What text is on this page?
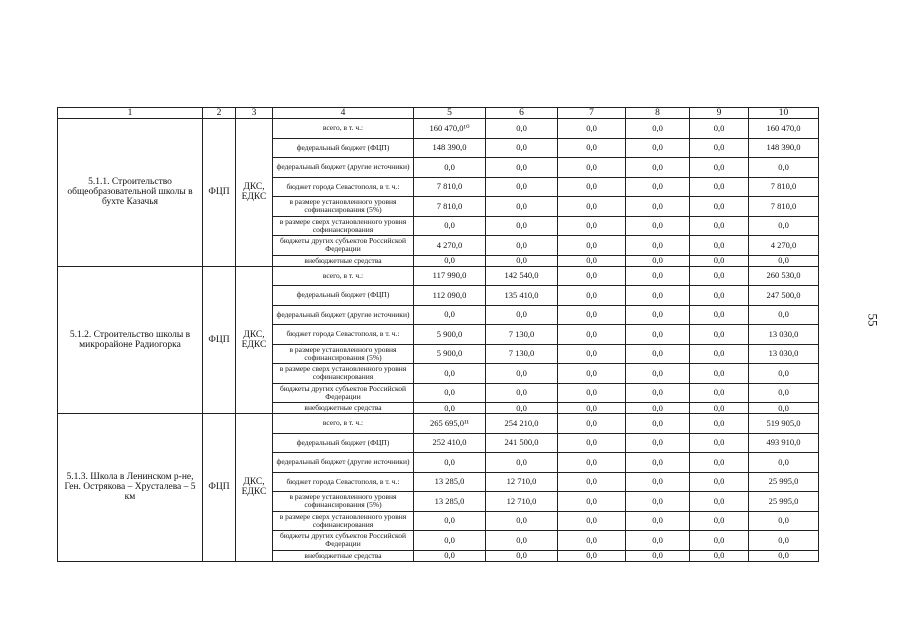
55
1	2	3	4	5	6	7	8	9	10
5.1.1. Строительство общеобразовательной школы в бухте Казачья	ФЦП	ДКС, ЕДКС	всего, в т. ч.:	160 470,0¹⁰	0,0	0,0	0,0	0,0	160 470,0
			федеральный бюджет (ФЦП)	148 390,0	0,0	0,0	0,0	0,0	148 390,0
			федеральный бюджет (другие источники)	0,0	0,0	0,0	0,0	0,0	0,0
			бюджет города Севастополя, в т. ч.:	7 810,0	0,0	0,0	0,0	0,0	7 810,0
			в размере установленного уровня софинансирования (5%)	7 810,0	0,0	0,0	0,0	0,0	7 810,0
			в размере сверх установленного уровня софинансирования	0,0	0,0	0,0	0,0	0,0	0,0
			бюджеты других субъектов Российской Федерации	4 270,0	0,0	0,0	0,0	0,0	4 270,0
			внебюджетные средства	0,0	0,0	0,0	0,0	0,0	0,0
5.1.2. Строительство школы в микрорайоне Радиогорка	ФЦП	ДКС, ЕДКС	всего, в т. ч.:	117 990,0	142 540,0	0,0	0,0	0,0	260 530,0
			федеральный бюджет (ФЦП)	112 090,0	135 410,0	0,0	0,0	0,0	247 500,0
			федеральный бюджет (другие источники)	0,0	0,0	0,0	0,0	0,0	0,0
			бюджет города Севастополя, в т. ч.:	5 900,0	7 130,0	0,0	0,0	0,0	13 030,0
			в размере установленного уровня софинансирования (5%)	5 900,0	7 130,0	0,0	0,0	0,0	13 030,0
			в размере сверх установленного уровня софинансирования	0,0	0,0	0,0	0,0	0,0	0,0
			бюджеты других субъектов Российской Федерации	0,0	0,0	0,0	0,0	0,0	0,0
			внебюджетные средства	0,0	0,0	0,0	0,0	0,0	0,0
5.1.3. Школа в Ленинском р-не, Ген. Острякова – Хрусталева – 5 км	ФЦП	ДКС, ЕДКС	всего, в т. ч.:	265 695,0¹¹	254 210,0	0,0	0,0	0,0	519 905,0
			федеральный бюджет (ФЦП)	252 410,0	241 500,0	0,0	0,0	0,0	493 910,0
			федеральный бюджет (другие источники)	0,0	0,0	0,0	0,0	0,0	0,0
			бюджет города Севастополя, в т. ч.:	13 285,0	12 710,0	0,0	0,0	0,0	25 995,0
			в размере установленного уровня софинансирования (5%)	13 285,0	12 710,0	0,0	0,0	0,0	25 995,0
			в размере сверх установленного уровня софинансирования	0,0	0,0	0,0	0,0	0,0	0,0
			бюджеты других субъектов Российской Федерации	0,0	0,0	0,0	0,0	0,0	0,0
			внебюджетные средства	0,0	0,0	0,0	0,0	0,0	0,0
